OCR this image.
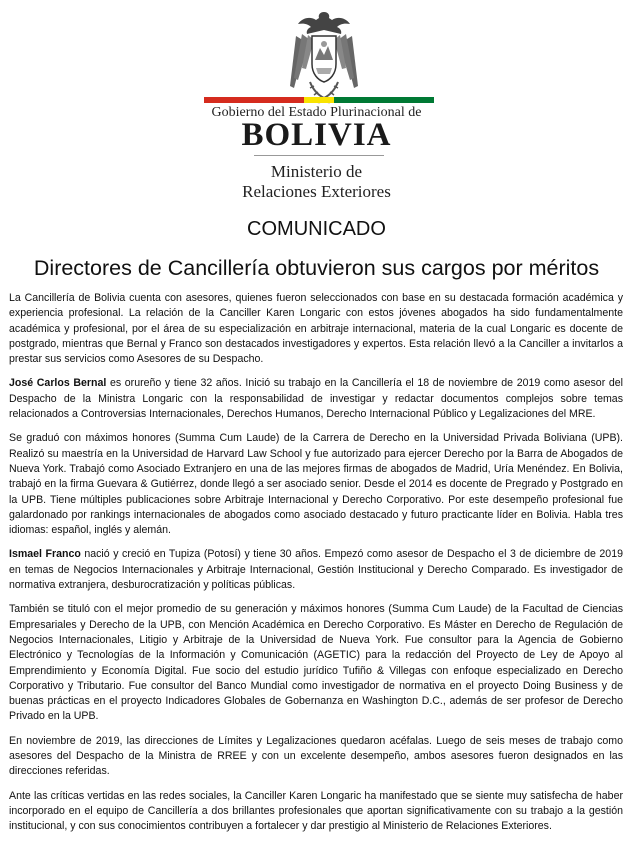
Gobierno del Estado Plurinacional de
BOLIVIA
Ministerio de
Relaciones Exteriores
COMUNICADO
Directores de Cancillería obtuvieron sus cargos por méritos

La Cancillería de Bolivia cuenta con asesores, quienes fueron seleccionados con base en su destacada formación académica y experiencia profesional. La relación de la Canciller Karen Longaric con estos jóvenes abogados ha sido fundamentalmente académica y profesional, por el área de su especialización en arbitraje internacional, materia de la cual Longaric es docente de postgrado, mientras que Bernal y Franco son destacados investigadores y expertos. Esta relación llevó a la Canciller a invitarlos a prestar sus servicios como Asesores de su Despacho.

José Carlos Bernal es orureño y tiene 32 años. Inició su trabajo en la Cancillería el 18 de noviembre de 2019 como asesor del Despacho de la Ministra Longaric con la responsabilidad de investigar y redactar documentos complejos sobre temas relacionados a Controversias Internacionales, Derechos Humanos, Derecho Internacional Público y Legalizaciones del MRE.

Se graduó con máximos honores (Summa Cum Laude) de la Carrera de Derecho en la Universidad Privada Boliviana (UPB). Realizó su maestría en la Universidad de Harvard Law School y fue autorizado para ejercer Derecho por la Barra de Abogados de Nueva York. Trabajó como Asociado Extranjero en una de las mejores firmas de abogados de Madrid, Uría Menéndez. En Bolivia, trabajó en la firma Guevara & Gutiérrez, donde llegó a ser asociado senior. Desde el 2014 es docente de Pregrado y Postgrado en la UPB. Tiene múltiples publicaciones sobre Arbitraje Internacional y Derecho Corporativo. Por este desempeño profesional fue galardonado por rankings internacionales de abogados como asociado destacado y futuro practicante líder en Bolivia. Habla tres idiomas: español, inglés y alemán.

Ismael Franco nació y creció en Tupiza (Potosí) y tiene 30 años. Empezó como asesor de Despacho el 3 de diciembre de 2019 en temas de Negocios Internacionales y Arbitraje Internacional, Gestión Institucional y Derecho Comparado. Es investigador de normativa extranjera, desburocratización y políticas públicas.

También se tituló con el mejor promedio de su generación y máximos honores (Summa Cum Laude) de la Facultad de Ciencias Empresariales y Derecho de la UPB, con Mención Académica en Derecho Corporativo. Es Máster en Derecho de Regulación de Negocios Internacionales, Litigio y Arbitraje de la Universidad de Nueva York. Fue consultor para la Agencia de Gobierno Electrónico y Tecnologías de la Información y Comunicación (AGETIC) para la redacción del Proyecto de Ley de Apoyo al Emprendimiento y Economía Digital. Fue socio del estudio jurídico Tufiño & Villegas con enfoque especializado en Derecho Corporativo y Tributario. Fue consultor del Banco Mundial como investigador de normativa en el proyecto Doing Business y de buenas prácticas en el proyecto Indicadores Globales de Gobernanza en Washington D.C., además de ser profesor de Derecho Privado en la UPB.

En noviembre de 2019, las direcciones de Límites y Legalizaciones quedaron acéfalas. Luego de seis meses de trabajo como asesores del Despacho de la Ministra de RREE y con un excelente desempeño, ambos asesores fueron designados en las direcciones referidas.

Ante las críticas vertidas en las redes sociales, la Canciller Karen Longaric ha manifestado que se siente muy satisfecha de haber incorporado en el equipo de Cancillería a dos brillantes profesionales que aportan significativamente con su trabajo a la gestión institucional, y con sus conocimientos contribuyen a fortalecer y dar prestigio al Ministerio de Relaciones Exteriores.
